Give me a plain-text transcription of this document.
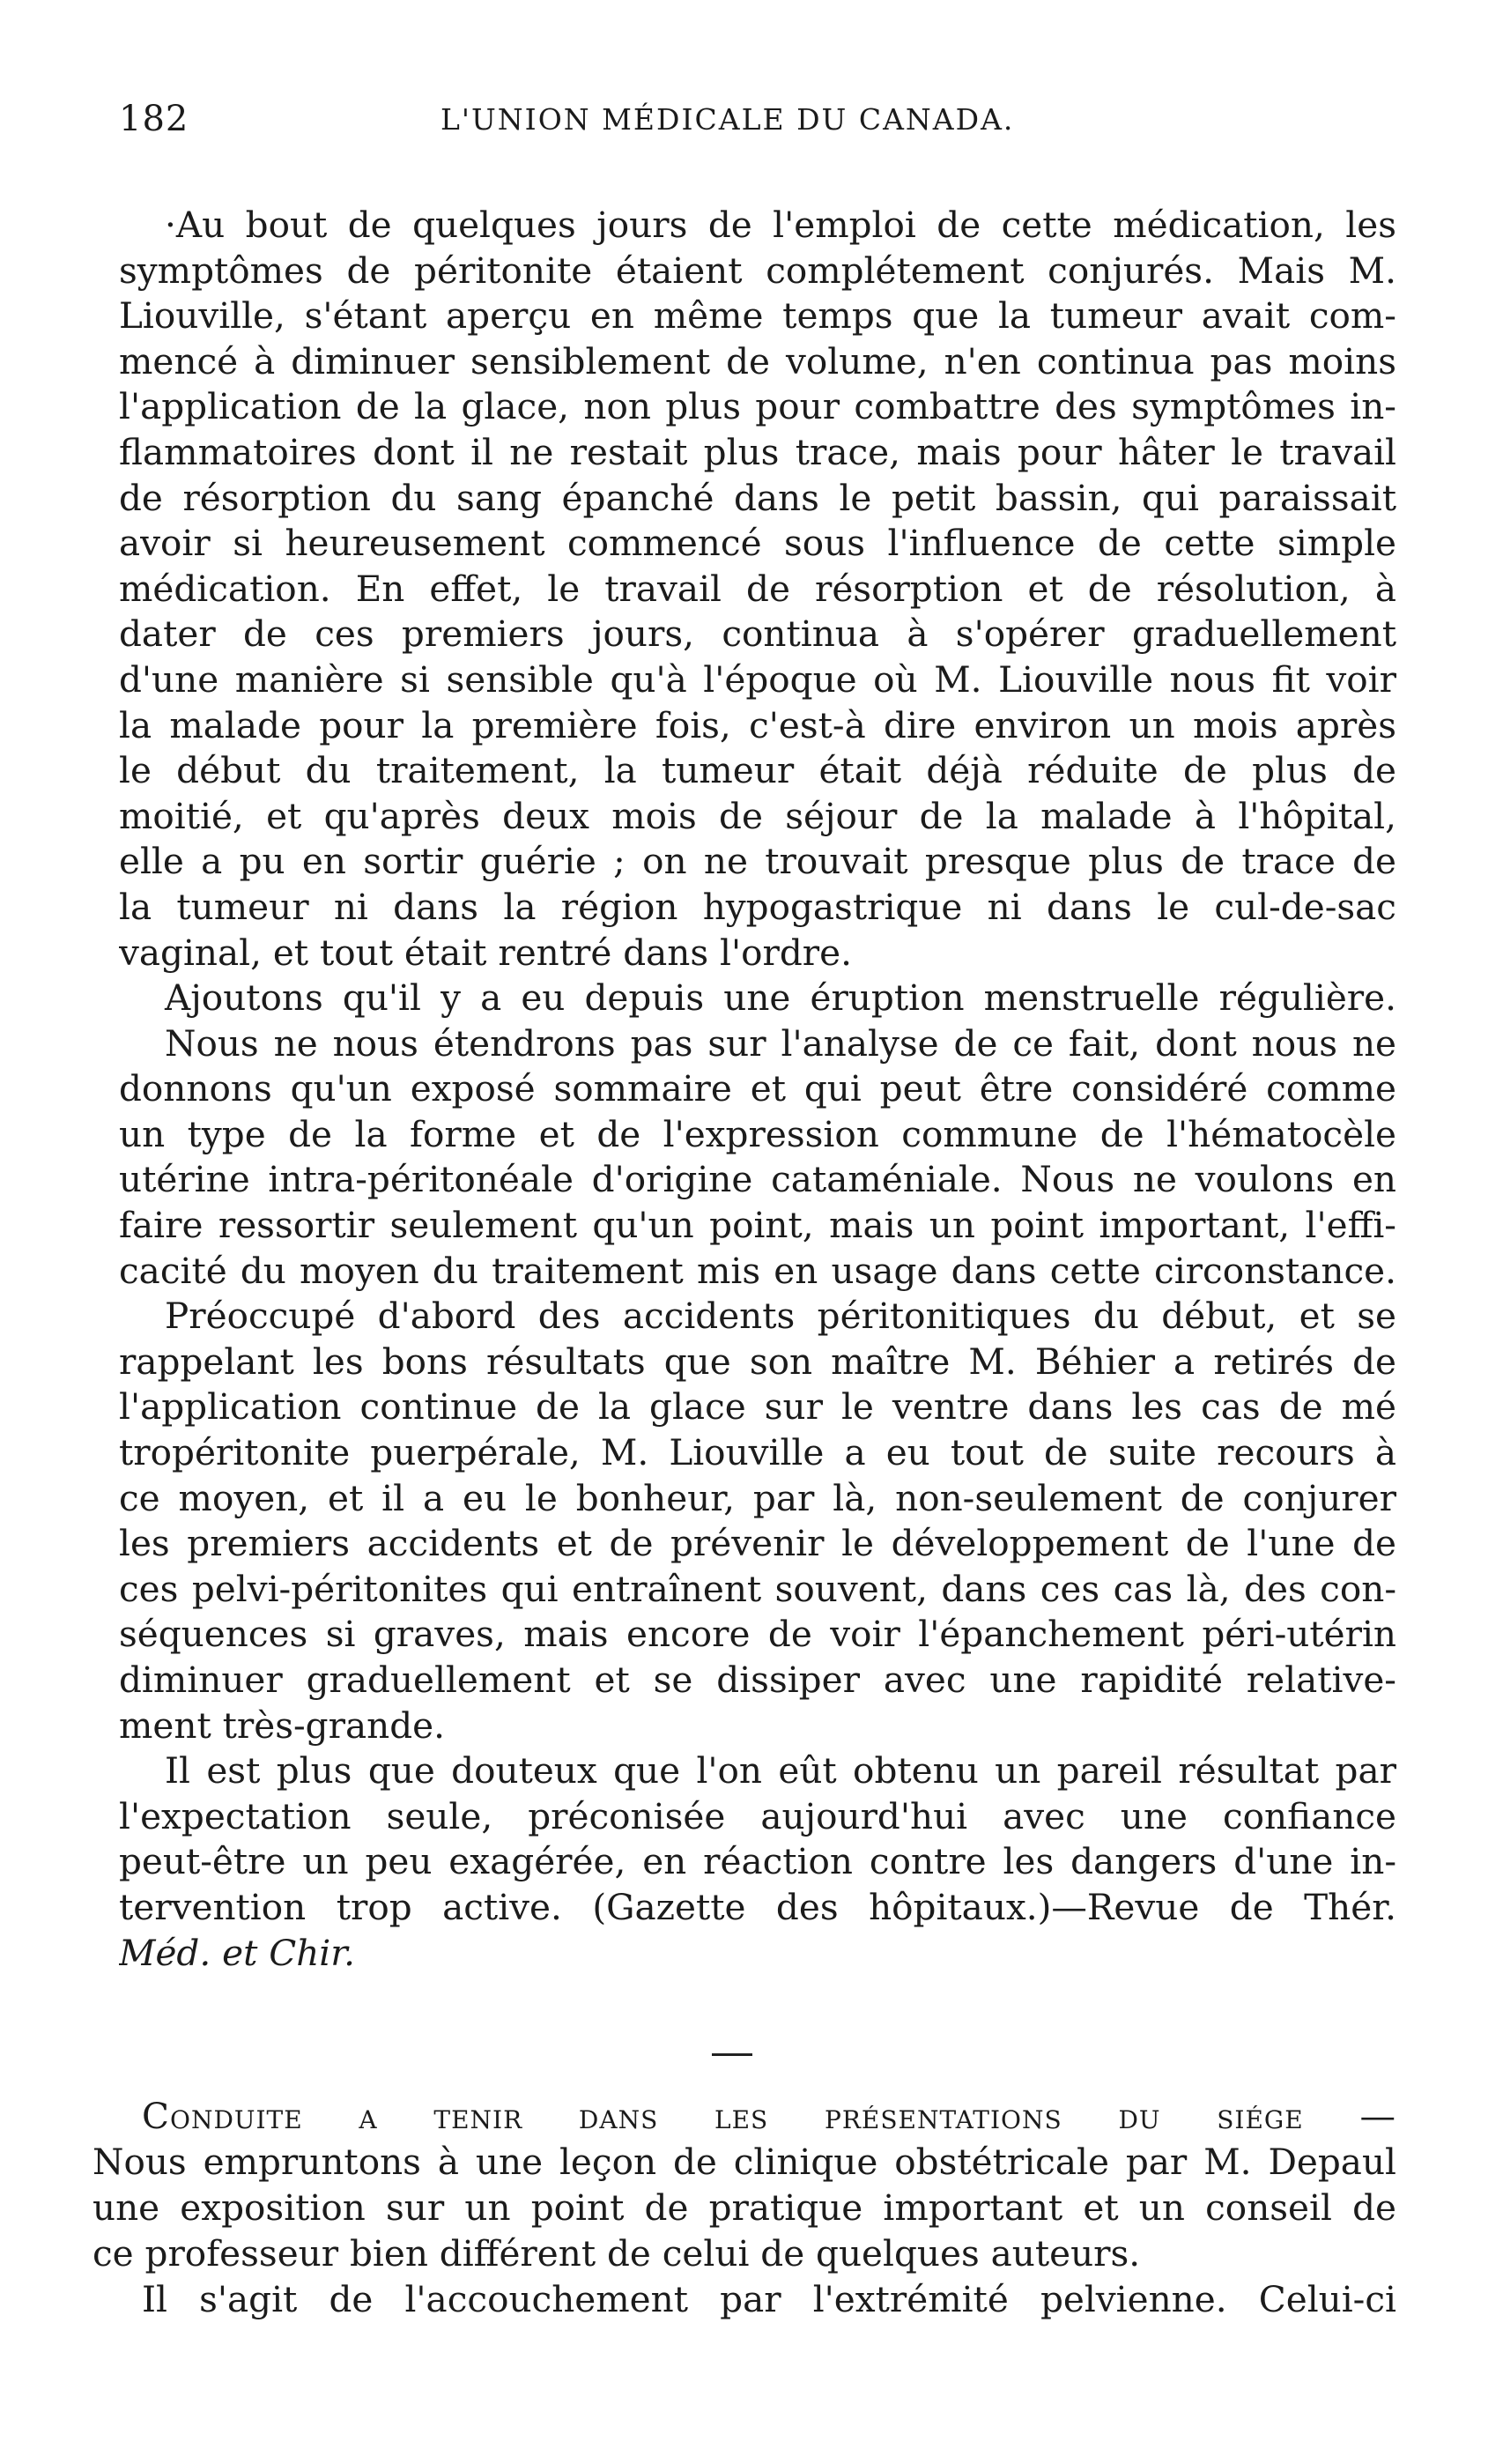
182	L'UNION MÉDICALE DU CANADA.
·Au bout de quelques jours de l'emploi de cette médication, les
symptômes de péritonite étaient complétement conjurés. Mais M.
Liouville, s'étant aperçu en même temps que la tumeur avait com-
mencé à diminuer sensiblement de volume, n'en continua pas moins
l'application de la glace, non plus pour combattre des symptômes in-
flammatoires dont il ne restait plus trace, mais pour hâter le travail
de résorption du sang épanché dans le petit bassin, qui paraissait
avoir si heureusement commencé sous l'influence de cette simple
médication. En effet, le travail de résorption et de résolution, à
dater de ces premiers jours, continua à s'opérer graduellement
d'une manière si sensible qu'à l'époque où M. Liouville nous fit voir
la malade pour la première fois, c'est-à dire environ un mois après
le début du traitement, la tumeur était déjà réduite de plus de
moitié, et qu'après deux mois de séjour de la malade à l'hôpital,
elle a pu en sortir guérie ; on ne trouvait presque plus de trace de
la tumeur ni dans la région hypogastrique ni dans le cul-de-sac
vaginal, et tout était rentré dans l'ordre.
Ajoutons qu'il y a eu depuis une éruption menstruelle régulière.
Nous ne nous étendrons pas sur l'analyse de ce fait, dont nous ne
donnons qu'un exposé sommaire et qui peut être considéré comme
un type de la forme et de l'expression commune de l'hématocèle
utérine intra-péritonéale d'origine cataméniale. Nous ne voulons en
faire ressortir seulement qu'un point, mais un point important, l'effi-
cacité du moyen du traitement mis en usage dans cette circonstance.
Préoccupé d'abord des accidents péritonitiques du début, et se
rappelant les bons résultats que son maître M. Béhier a retirés de
l'application continue de la glace sur le ventre dans les cas de mé
tropéritonite puerpérale, M. Liouville a eu tout de suite recours à
ce moyen, et il a eu le bonheur, par là, non-seulement de conjurer
les premiers accidents et de prévenir le développement de l'une de
ces pelvi-péritonites qui entraînent souvent, dans ces cas là, des con-
séquences si graves, mais encore de voir l'épanchement péri-utérin
diminuer graduellement et se dissiper avec une rapidité relative-
ment très-grande.
Il est plus que douteux que l'on eût obtenu un pareil résultat par
l'expectation seule, préconisée aujourd'hui avec une confiance
peut-être un peu exagérée, en réaction contre les dangers d'une in-
tervention trop active. (Gazette des hôpitaux.)—Revue de Thér.
Méd. et Chir.
Conduite a tenir dans les présentations du siége —
Nous empruntons à une leçon de clinique obstétricale par M. Depaul
une exposition sur un point de pratique important et un conseil de
ce professeur bien différent de celui de quelques auteurs.
Il s'agit de l'accouchement par l'extrémité pelvienne. Celui-ci
